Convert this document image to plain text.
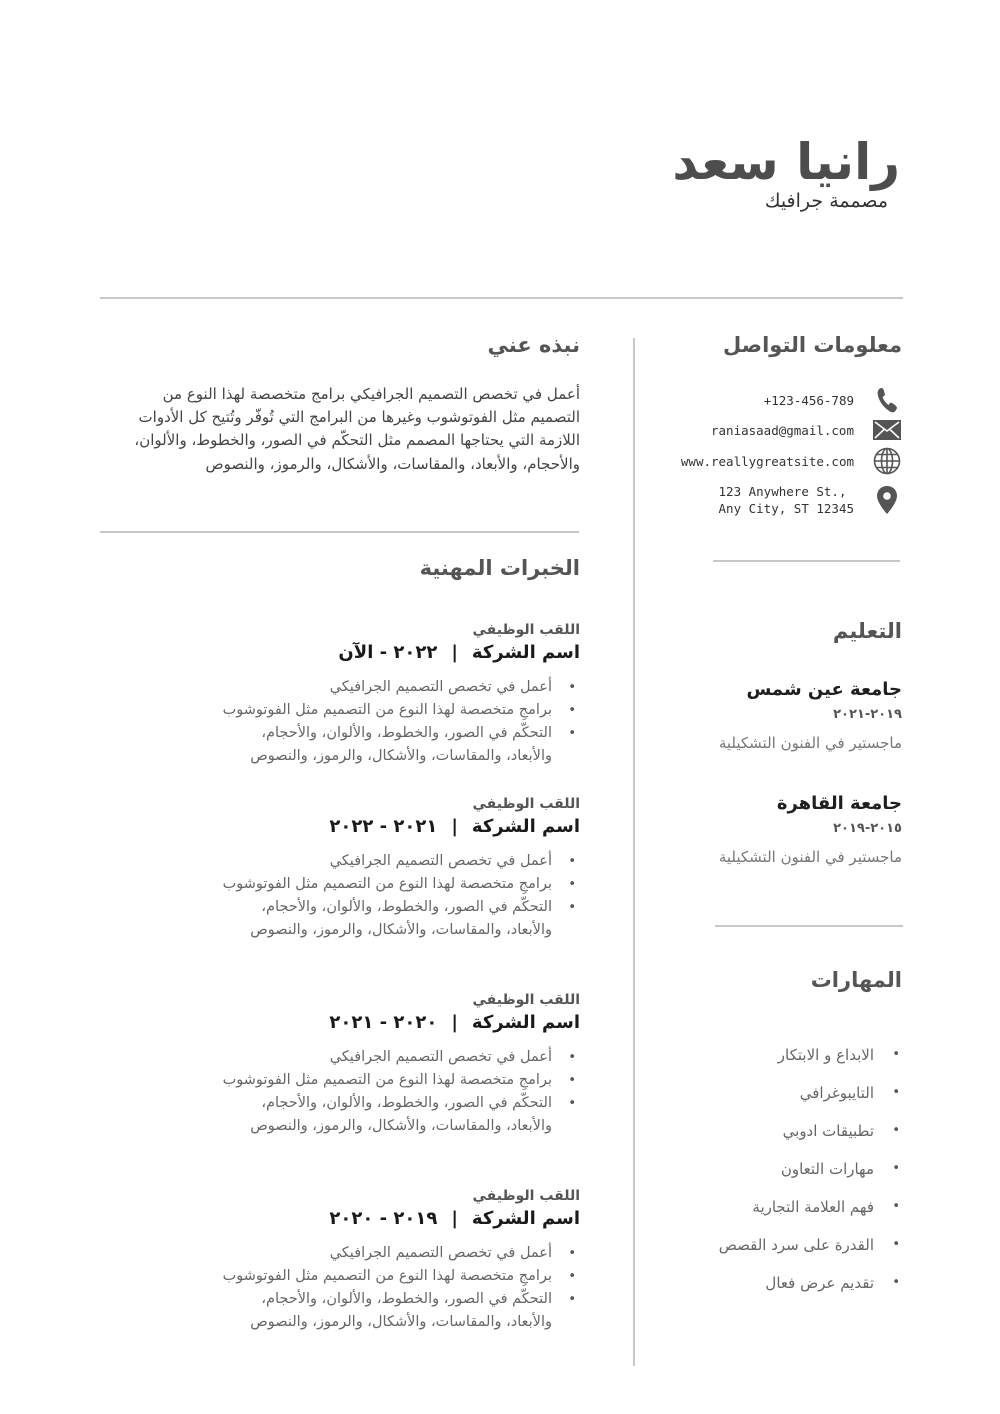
رانيا سعد
مصممة جرافيك
معلومات التواصل
+123-456-789
raniasaad@gmail.com
www.reallygreatsite.com
123 Anywhere St.,
Any City, ST 12345
التعليم
جامعة عين شمس
٢٠١٩-٢٠٢١
ماجستير في الفنون التشكيلية
جامعة القاهرة
٢٠١٥-٢٠١٩
ماجستير في الفنون التشكيلية
المهارات
• الابداع و الابتكار
• التايبوغرافي
• تطبيقات ادوبي
• مهارات التعاون
• فهم العلامة التجارية
• القدرة على سرد القصص
• تقديم عرض فعال
نبذه عني
أعمل في تخصص التصميم الجرافيكي برامج متخصصة لهذا النوع من التصميم مثل الفوتوشوب وغيرها من البرامج التي تُوفّر وتُتيح كل الأدوات اللازمة التي يحتاجها المصمم مثل التحكّم في الصور، والخطوط، والألوان، والأحجام، والأبعاد، والمقاسات، والأشكال، والرموز، والنصوص
الخبرات المهنية
اللقب الوظيفي
اسم الشركة|٢٠٢٢ - الآن
• أعمل في تخصص التصميم الجرافيكي
• برامجِ متخصصة لهذا النوع من التصميم مثل الفوتوشوب
• التحكّم في الصور، والخطوط، والألوان، والأحجام، والأبعاد، والمقاسات، والأشكال، والرموز، والنصوص
اللقب الوظيفي
اسم الشركة|٢٠٢١ - ٢٠٢٢
• أعمل في تخصص التصميم الجرافيكي
• برامجِ متخصصة لهذا النوع من التصميم مثل الفوتوشوب
• التحكّم في الصور، والخطوط، والألوان، والأحجام، والأبعاد، والمقاسات، والأشكال، والرموز، والنصوص
اللقب الوظيفي
اسم الشركة|٢٠٢٠ - ٢٠٢١
• أعمل في تخصص التصميم الجرافيكي
• برامجِ متخصصة لهذا النوع من التصميم مثل الفوتوشوب
• التحكّم في الصور، والخطوط، والألوان، والأحجام، والأبعاد، والمقاسات، والأشكال، والرموز، والنصوص
اللقب الوظيفي
اسم الشركة|٢٠١٩ - ٢٠٢٠
• أعمل في تخصص التصميم الجرافيكي
• برامجِ متخصصة لهذا النوع من التصميم مثل الفوتوشوب
• التحكّم في الصور، والخطوط، والألوان، والأحجام، والأبعاد، والمقاسات، والأشكال، والرموز، والنصوص
